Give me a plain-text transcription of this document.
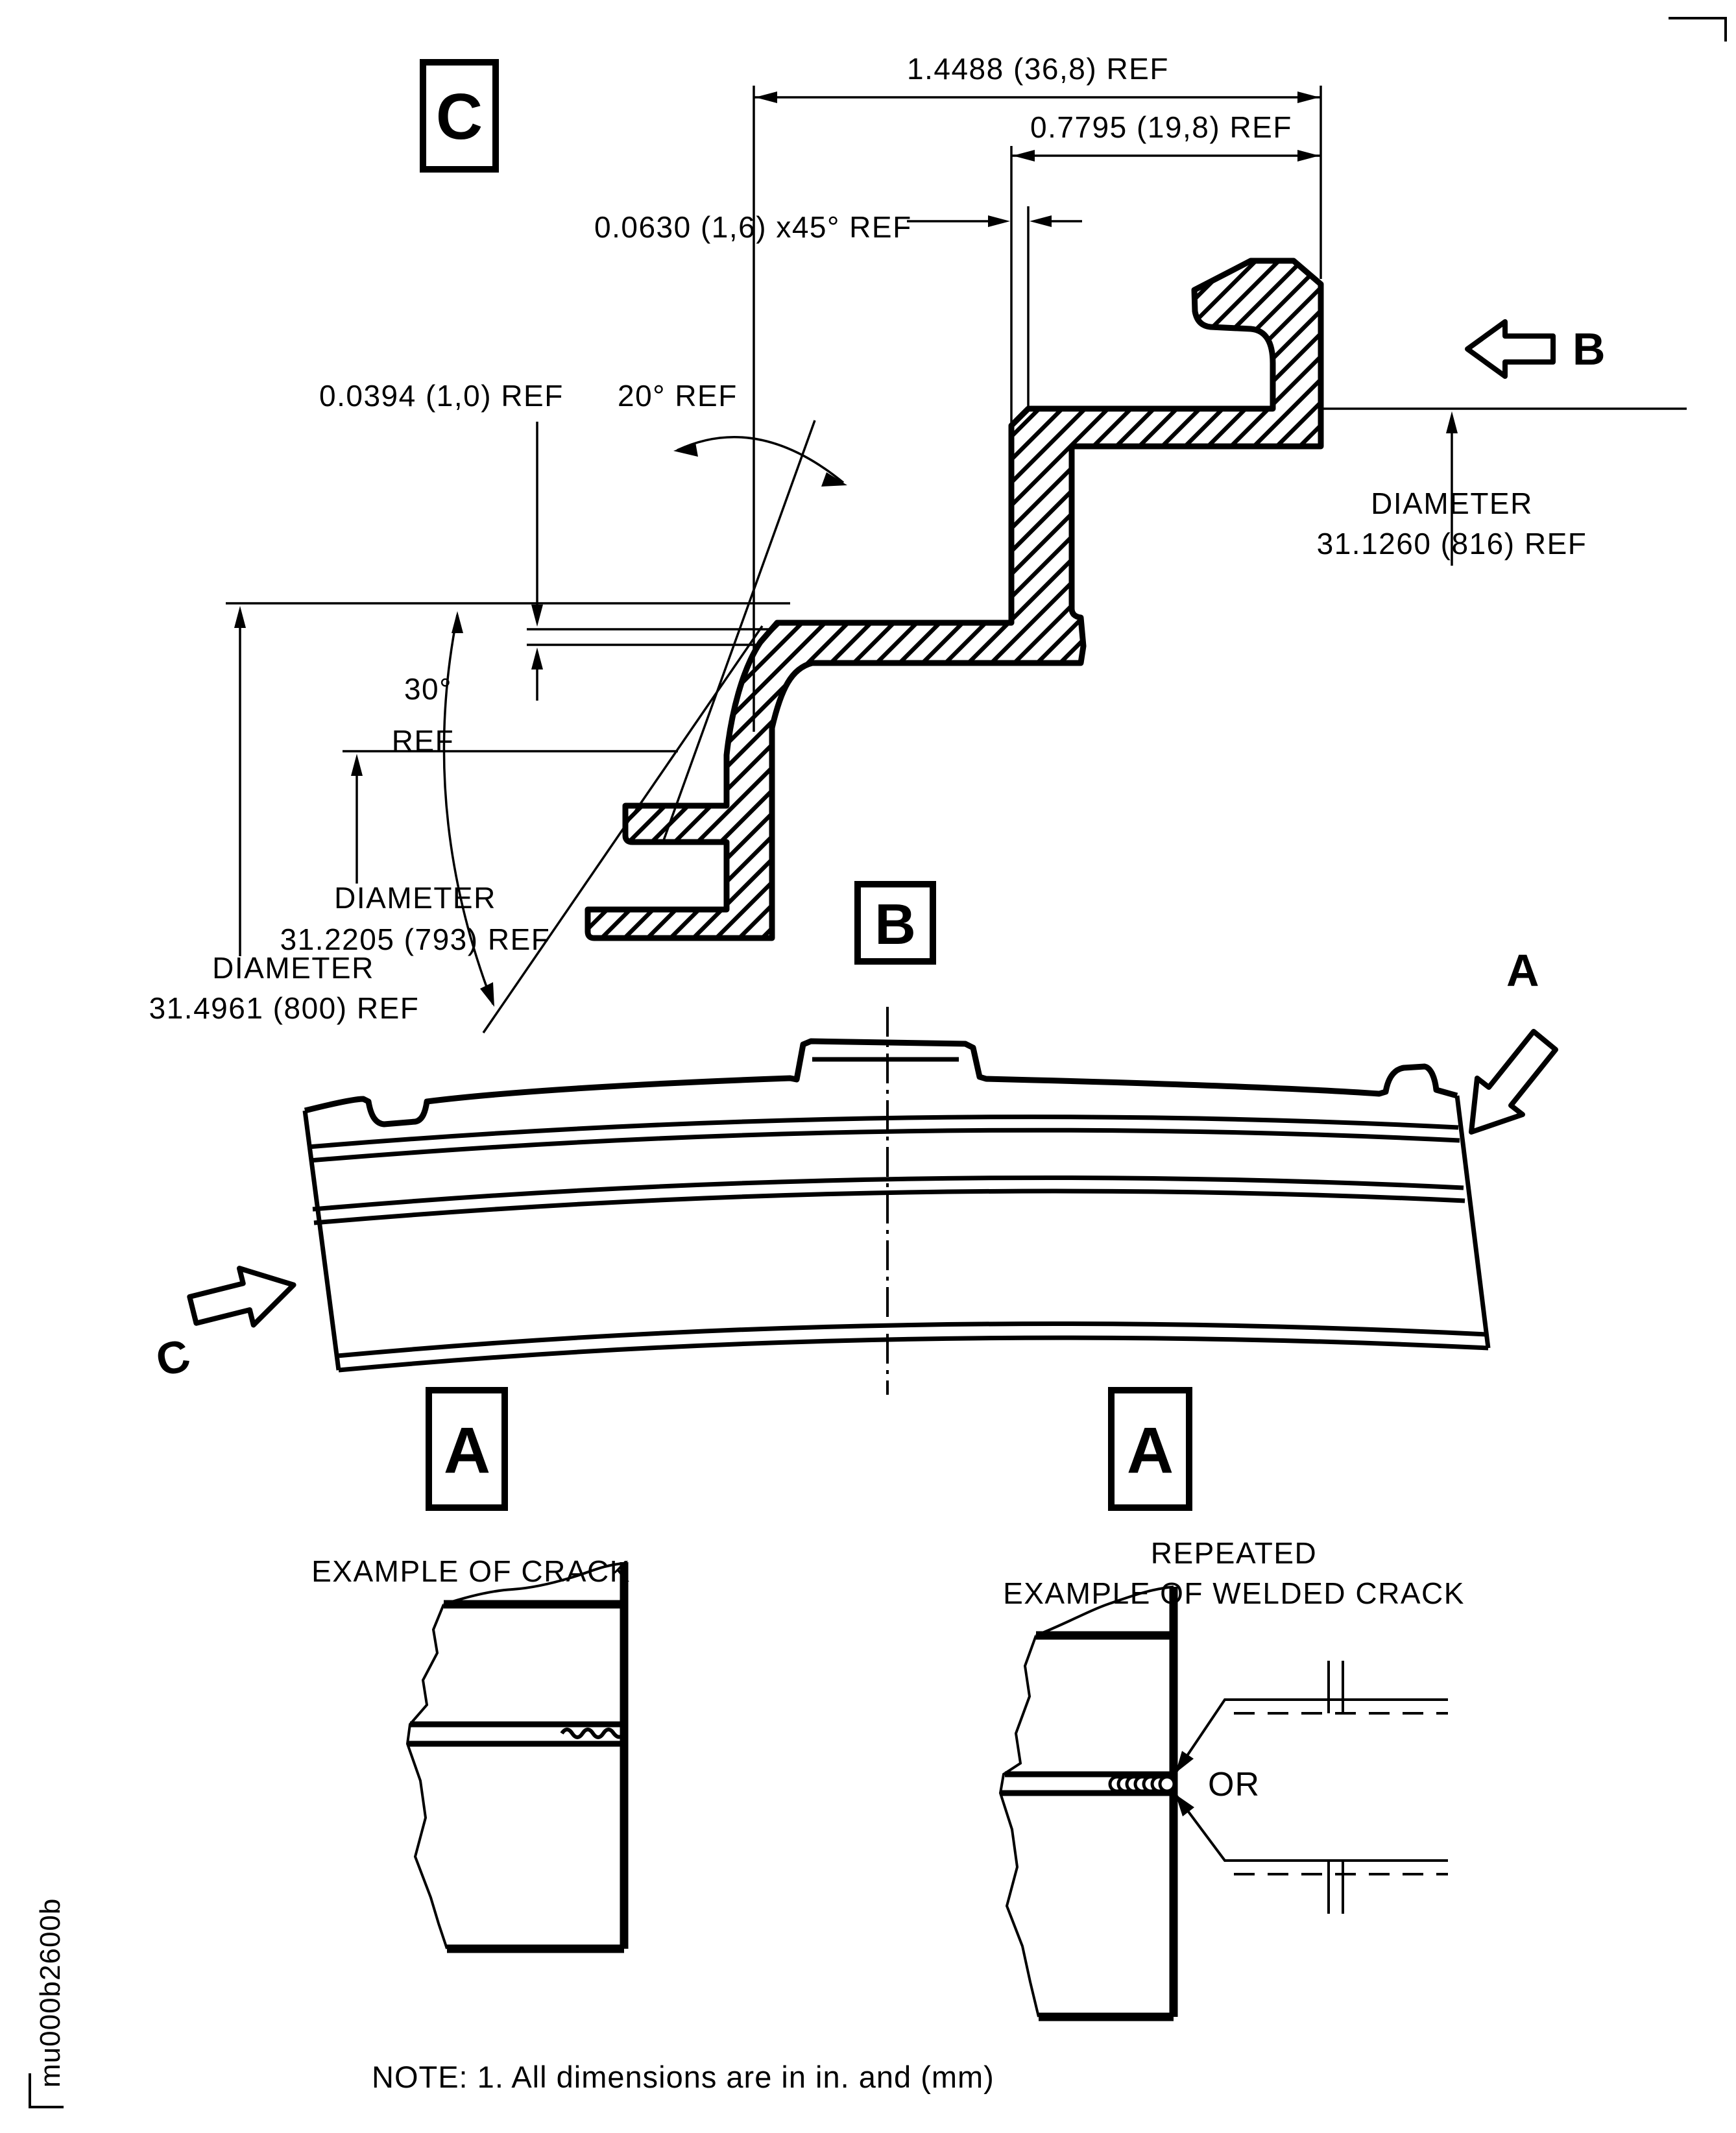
1.4488 (36,8) REF
0.7795 (19,8) REF
0.0630 (1,6) x45° REF
0.0394 (1,0) REF 20° REF
30°
REF
DIAMETER
31.1260 (816) REF
DIAMETER
31.2205 (793) REF
DIAMETER
31.4961 (800) REF
C
B
B
A
C
A
EXAMPLE OF CRACK
A
REPEATED
EXAMPLE OF WELDED CRACK
OR
NOTE: 1. All dimensions are in in. and (mm)
mu000b2600b
